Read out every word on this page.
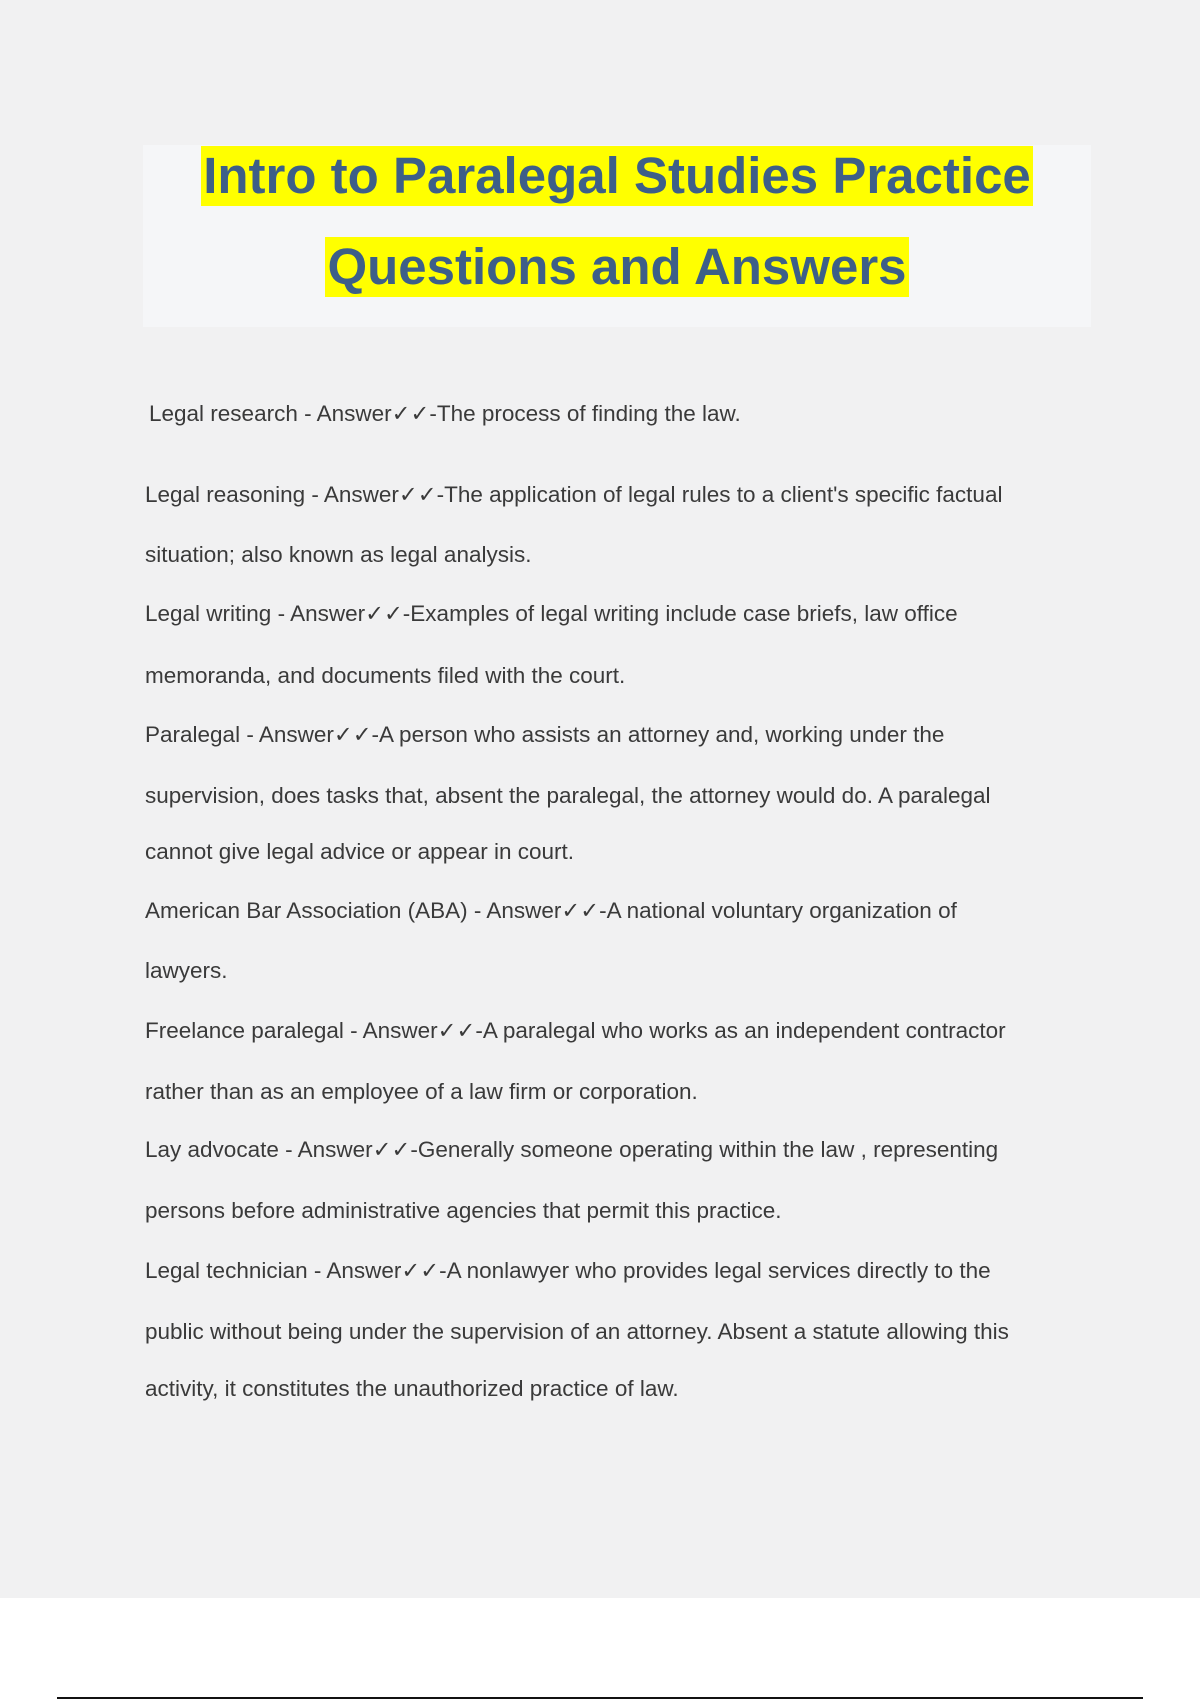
Intro to Paralegal Studies Practice
Questions and Answers
Legal research - Answer✓✓-The process of finding the law.
Legal reasoning - Answer✓✓-The application of legal rules to a client's specific factual
situation; also known as legal analysis.
Legal writing - Answer✓✓-Examples of legal writing include case briefs, law office
memoranda, and documents filed with the court.
Paralegal - Answer✓✓-A person who assists an attorney and, working under the
supervision, does tasks that, absent the paralegal, the attorney would do. A paralegal
cannot give legal advice or appear in court.
American Bar Association (ABA) - Answer✓✓-A national voluntary organization of
lawyers.
Freelance paralegal - Answer✓✓-A paralegal who works as an independent contractor
rather than as an employee of a law firm or corporation.
Lay advocate - Answer✓✓-Generally someone operating within the law , representing
persons before administrative agencies that permit this practice.
Legal technician - Answer✓✓-A nonlawyer who provides legal services directly to the
public without being under the supervision of an attorney. Absent a statute allowing this
activity, it constitutes the unauthorized practice of law.
